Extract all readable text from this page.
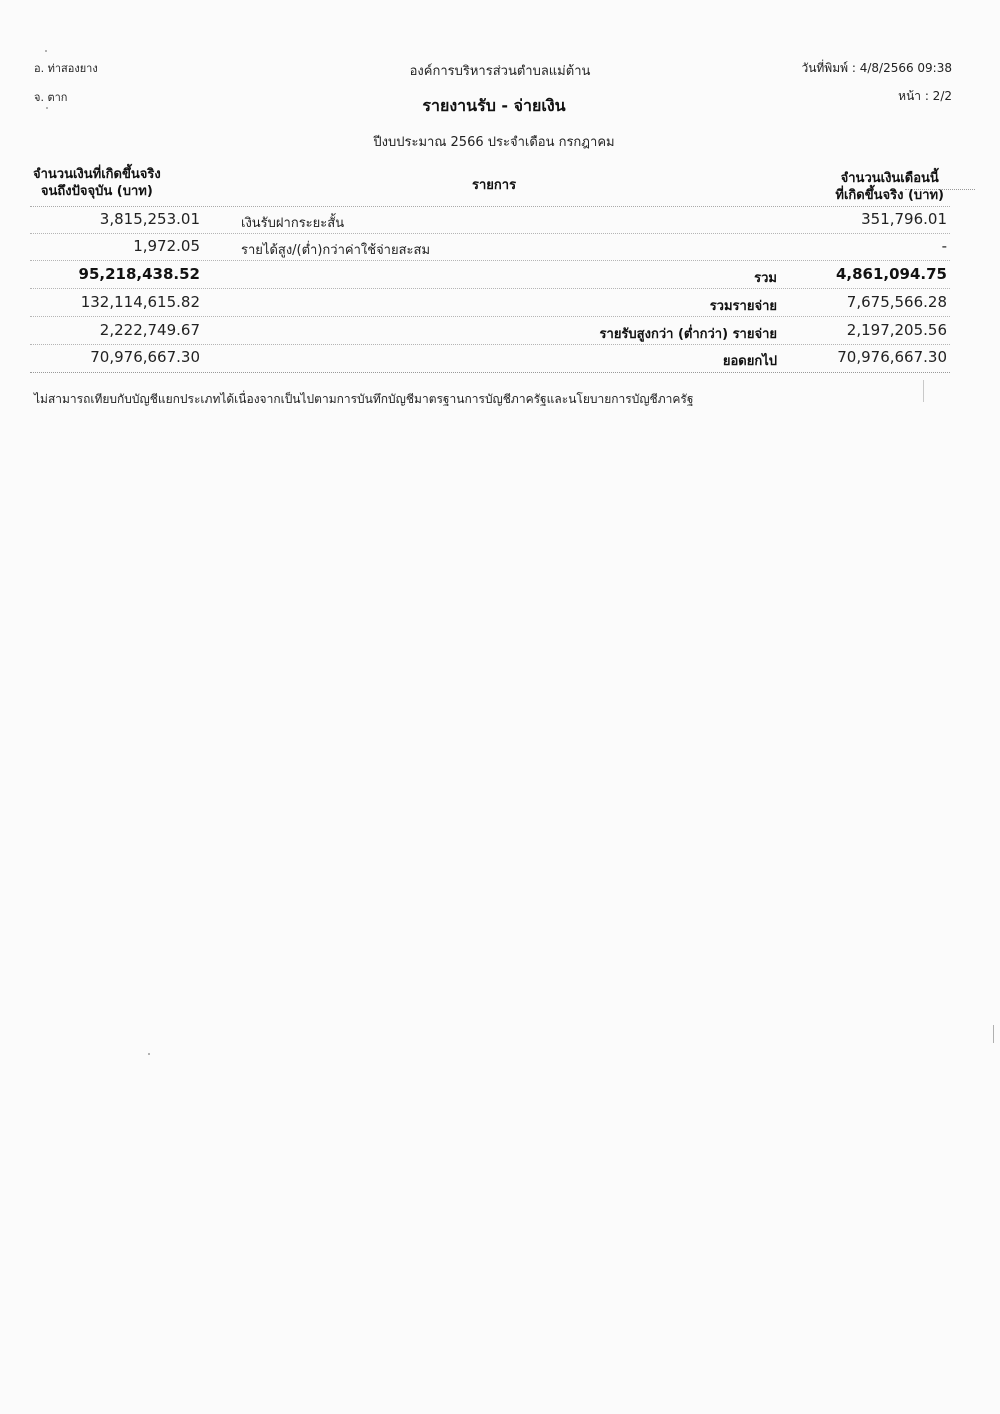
อ. ท่าสองยาง
จ. ตาก
องค์การบริหารส่วนตำบลแม่ต้าน	วันที่พิมพ์ : 4/8/2566 09:38
หน้า : 2/2
รายงานรับ - จ่ายเงิน
ปีงบประมาณ 2566 ประจำเดือน กรกฎาคม
จำนวนเงินที่เกิดขึ้นจริง
จนถึงปัจจุบัน (บาท)	รายการ	จำนวนเงินเดือนนี้
ที่เกิดขึ้นจริง (บาท)
3,815,253.01	เงินรับฝากระยะสั้น	351,796.01
1,972.05	รายได้สูง/(ต่ำ)กว่าค่าใช้จ่ายสะสม	-
95,218,438.52	รวม	4,861,094.75
132,114,615.82	รวมรายจ่าย	7,675,566.28
2,222,749.67	รายรับสูงกว่า (ต่ำกว่า) รายจ่าย	2,197,205.56
70,976,667.30	ยอดยกไป	70,976,667.30
ไม่สามารถเทียบกับบัญชีแยกประเภทได้เนื่องจากเป็นไปตามการบันทึกบัญชีมาตรฐานการบัญชีภาครัฐและนโยบายการบัญชีภาครัฐ
